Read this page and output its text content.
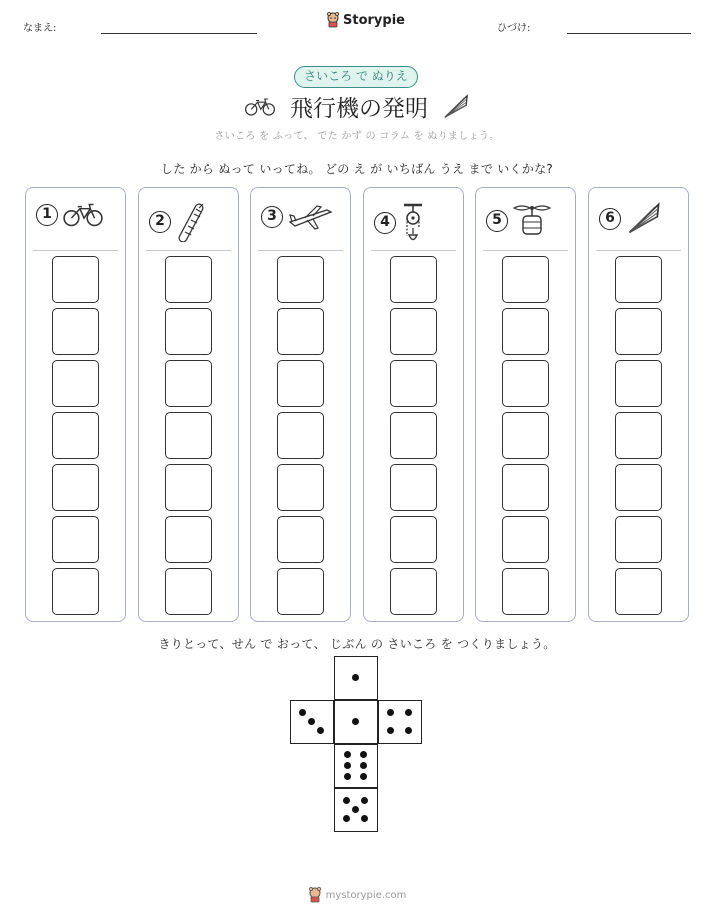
なまえ:
Storypie
ひづけ:
さいころ で ぬりえ
飛行機の発明
さいころ を ふって、 でた かず の コラム を ぬりましょう。
した から ぬって いってね。 どの え が いちばん うえ まで いくかな?
1	2	3	4	5	6
きりとって、せん で おって、 じぶん の さいころ を つくりましょう。
mystorypie.com
